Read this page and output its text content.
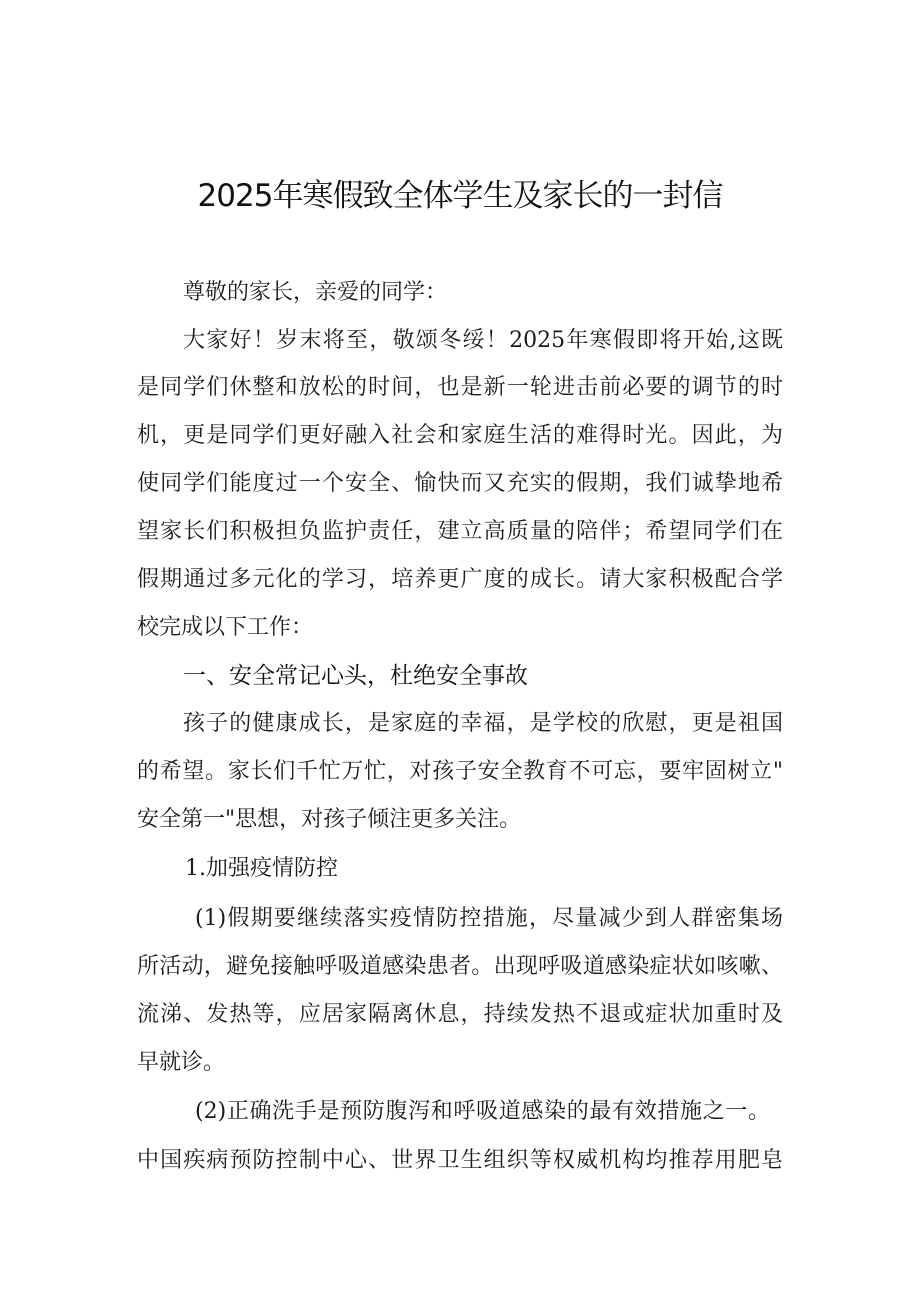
2025年寒假致全体学生及家长的一封信
尊敬的家长，亲爱的同学：
大家好！岁末将至，敬颂冬绥！2025年寒假即将开始,这既
是同学们休整和放松的时间，也是新一轮进击前必要的调节的时
机，更是同学们更好融入社会和家庭生活的难得时光。因此，为
使同学们能度过一个安全、愉快而又充实的假期，我们诚挚地希
望家长们积极担负监护责任，建立高质量的陪伴；希望同学们在
假期通过多元化的学习，培养更广度的成长。请大家积极配合学
校完成以下工作：
一、安全常记心头，杜绝安全事故
孩子的健康成长，是家庭的幸福，是学校的欣慰，更是祖国
的希望。家长们千忙万忙，对孩子安全教育不可忘，要牢固树立"
安全第一"思想，对孩子倾注更多关注。
1.加强疫情防控
(1)假期要继续落实疫情防控措施，尽量减少到人群密集场
所活动，避免接触呼吸道感染患者。出现呼吸道感染症状如咳嗽、
流涕、发热等，应居家隔离休息，持续发热不退或症状加重时及
早就诊。
(2)正确洗手是预防腹泻和呼吸道感染的最有效措施之一。
中国疾病预防控制中心、世界卫生组织等权威机构均推荐用肥皂
